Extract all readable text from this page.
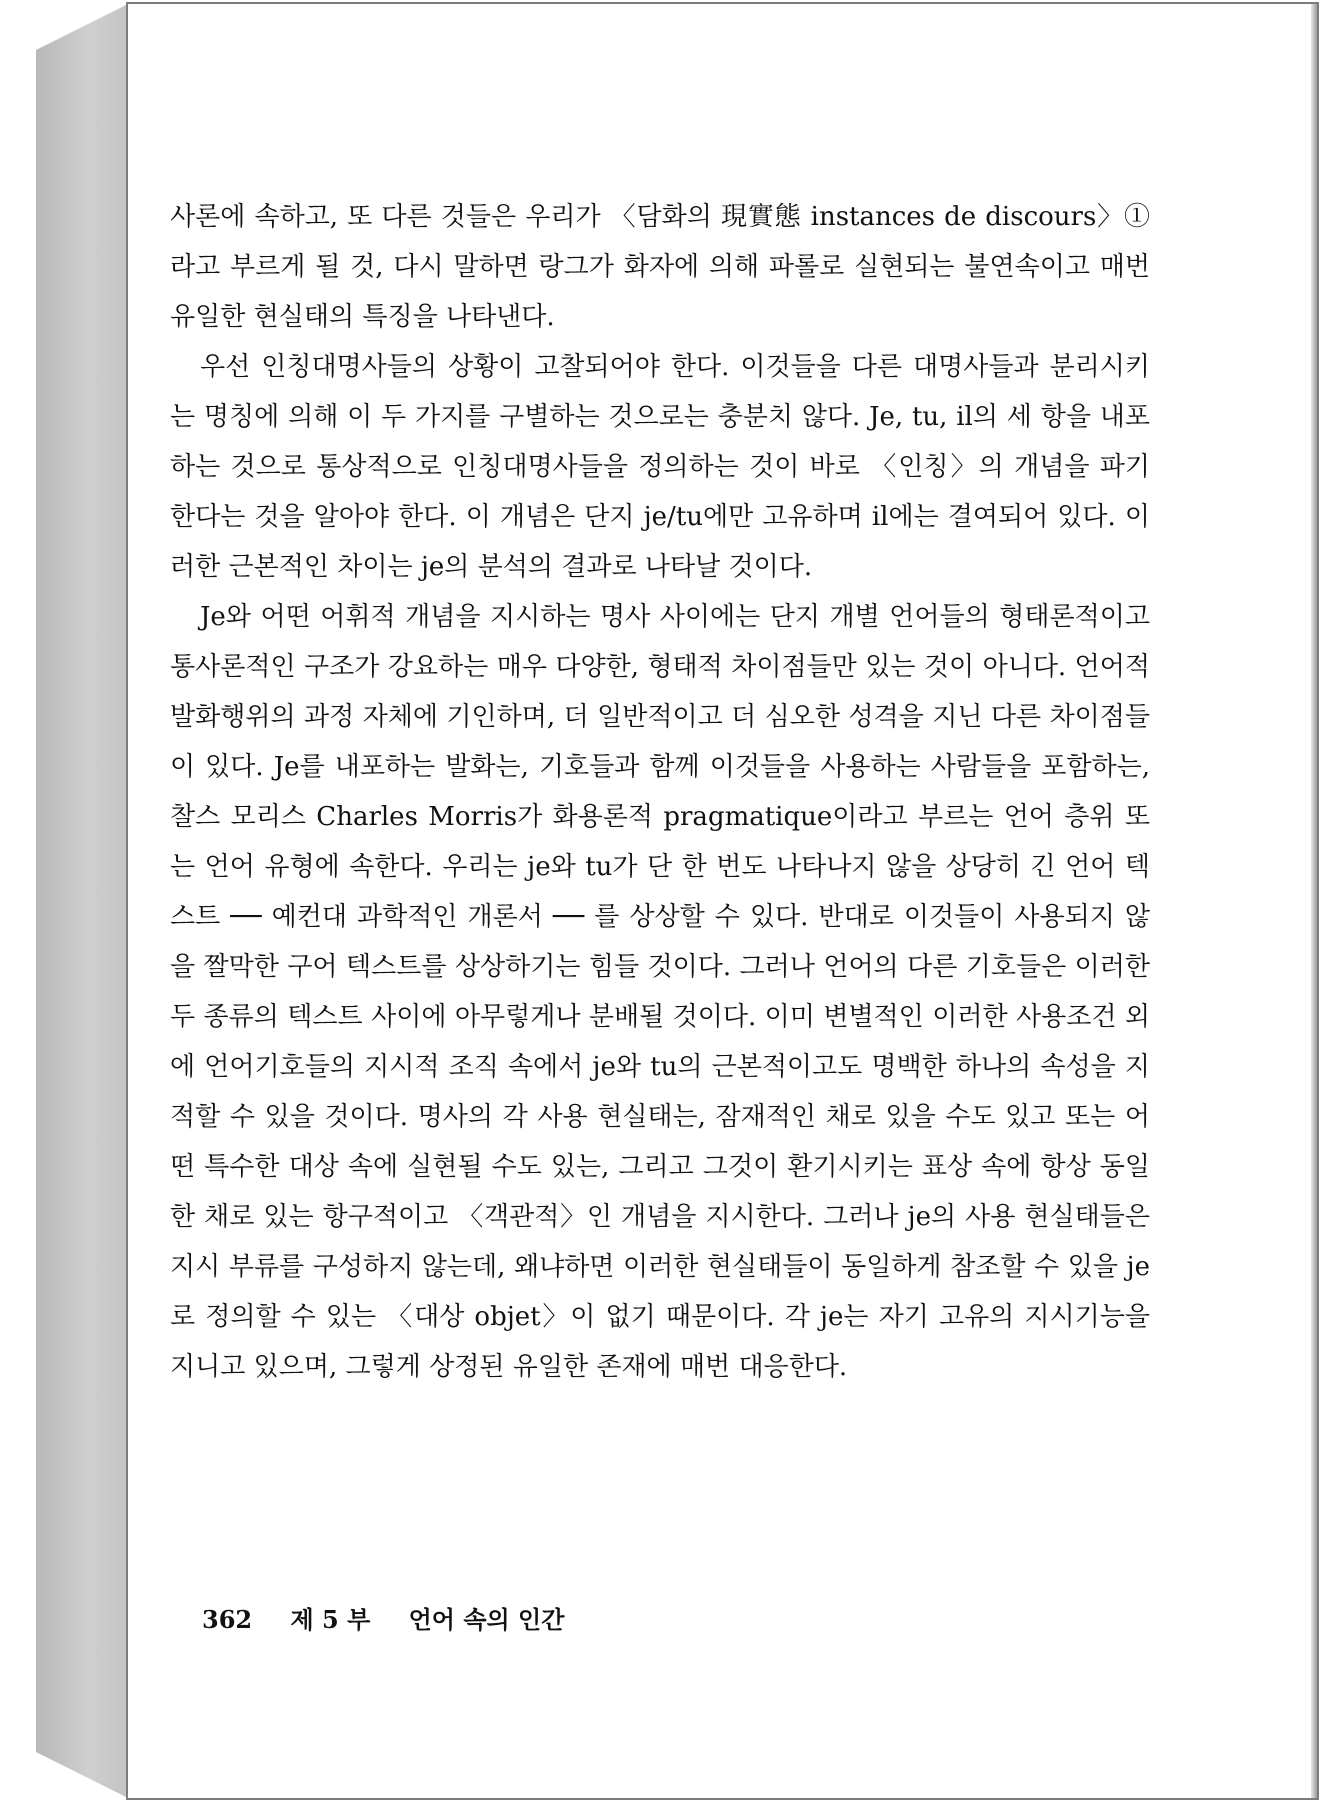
사론에 속하고, 또 다른 것들은 우리가 〈담화의 現實態 instances de discours〉①라고 부르게 될 것, 다시 말하면 랑그가 화자에 의해 파롤로 실현되는 불연속이고 매번 유일한 현실태의 특징을 나타낸다.

우선 인칭대명사들의 상황이 고찰되어야 한다. 이것들을 다른 대명사들과 분리시키는 명칭에 의해 이 두 가지를 구별하는 것으로는 충분치 않다. Je, tu, il의 세 항을 내포하는 것으로 통상적으로 인칭대명사들을 정의하는 것이 바로 〈인칭〉의 개념을 파기한다는 것을 알아야 한다. 이 개념은 단지 je/tu에만 고유하며 il에는 결여되어 있다. 이러한 근본적인 차이는 je의 분석의 결과로 나타날 것이다.

Je와 어떤 어휘적 개념을 지시하는 명사 사이에는 단지 개별 언어들의 형태론적이고 통사론적인 구조가 강요하는 매우 다양한, 형태적 차이점들만 있는 것이 아니다. 언어적 발화행위의 과정 자체에 기인하며, 더 일반적이고 더 심오한 성격을 지닌 다른 차이점들이 있다. Je를 내포하는 발화는, 기호들과 함께 이것들을 사용하는 사람들을 포함하는, 찰스 모리스 Charles Morris가 화용론적 pragmatique이라고 부르는 언어 층위 또는 언어 유형에 속한다. 우리는 je와 tu가 단 한 번도 나타나지 않을 상당히 긴 언어 텍스트 ── 예컨대 과학적인 개론서 ── 를 상상할 수 있다. 반대로 이것들이 사용되지 않을 짤막한 구어 텍스트를 상상하기는 힘들 것이다. 그러나 언어의 다른 기호들은 이러한 두 종류의 텍스트 사이에 아무렇게나 분배될 것이다. 이미 변별적인 이러한 사용조건 외에 언어기호들의 지시적 조직 속에서 je와 tu의 근본적이고도 명백한 하나의 속성을 지적할 수 있을 것이다. 명사의 각 사용 현실태는, 잠재적인 채로 있을 수도 있고 또는 어떤 특수한 대상 속에 실현될 수도 있는, 그리고 그것이 환기시키는 표상 속에 항상 동일한 채로 있는 항구적이고 〈객관적〉인 개념을 지시한다. 그러나 je의 사용 현실태들은 지시 부류를 구성하지 않는데, 왜냐하면 이러한 현실태들이 동일하게 참조할 수 있을 je로 정의할 수 있는 〈대상 objet〉이 없기 때문이다. 각 je는 자기 고유의 지시기능을 지니고 있으며, 그렇게 상정된 유일한 존재에 매번 대응한다.

362 제 5 부 언어 속의 인간
